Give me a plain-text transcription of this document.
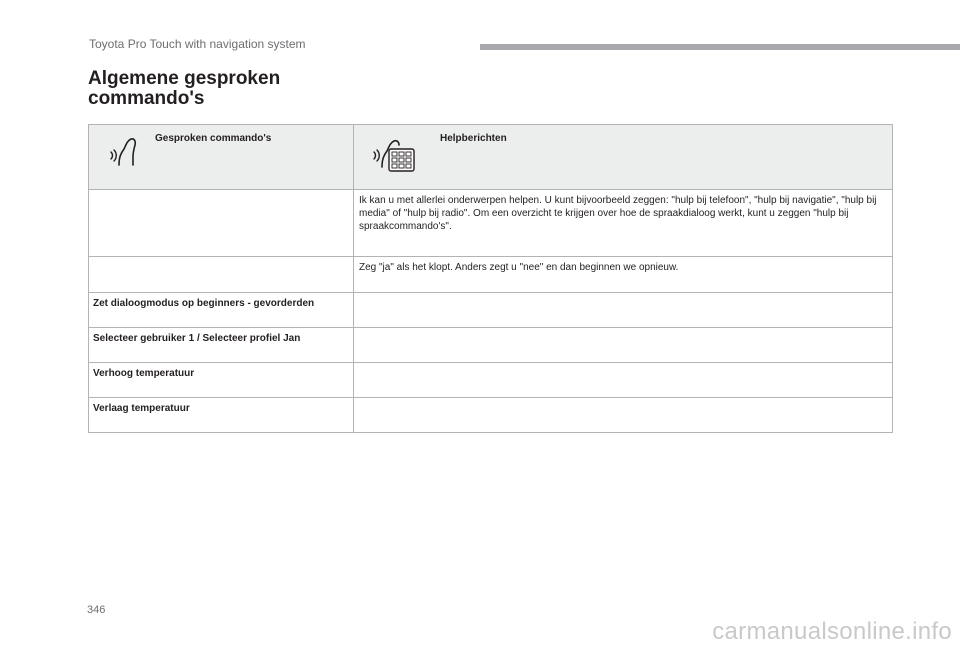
Toyota Pro Touch with navigation system
Algemene gesproken commando's
Gesproken commando's	Helpberichten

	Ik kan u met allerlei onderwerpen helpen. U kunt bijvoorbeeld zeggen: "hulp bij telefoon", "hulp bij navigatie", "hulp bij media" of "hulp bij radio". Om een overzicht te krijgen over hoe de spraakdialoog werkt, kunt u zeggen "hulp bij spraakcommando's".

	Zeg "ja" als het klopt. Anders zegt u "nee" en dan beginnen we opnieuw.

Zet dialoogmodus op beginners - gevorderden	

Selecteer gebruiker 1 / Selecteer profiel Jan	

Verhoog temperatuur	

Verlaag temperatuur	

346
carmanualsonline.info
